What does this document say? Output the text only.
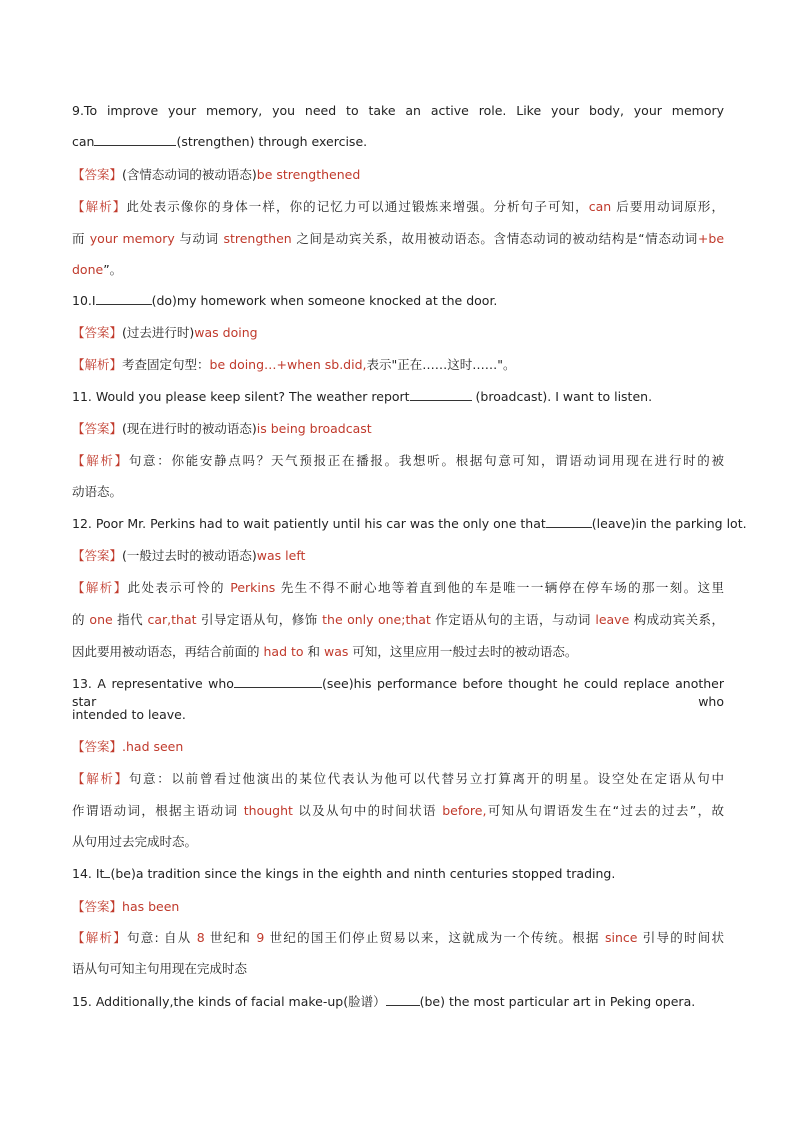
9.To improve your memory, you need to take an active role. Like your body, your memory
can	(strengthen) through exercise.
【答案】(含情态动词的被动语态)be strengthened
【解析】此处表示像你的身体一样，你的记忆力可以通过锻炼来增强。分析句子可知，can 后要用动词原形，
而 your memory 与动词 strengthen 之间是动宾关系，故用被动语态。含情态动词的被动结构是“情态动词+be
done”。
10.I	(do)my homework when someone knocked at the door.
【答案】(过去进行时)was doing
【解析】考查固定句型：be doing…+when sb.did,表示"正在……这时……"。
11. Would you please keep silent? The weather report	(broadcast). I want to listen.
【答案】(现在进行时的被动语态)is being broadcast
【解析】句意：你能安静点吗？天气预报正在播报。我想听。根据句意可知，谓语动词用现在进行时的被
动语态。
12. Poor Mr. Perkins had to wait patiently until his car was the only one that	(leave)in the parking lot.
【答案】(一般过去时的被动语态)was left
【解析】此处表示可怜的 Perkins 先生不得不耐心地等着直到他的车是唯一一辆停在停车场的那一刻。这里
的 one 指代 car,that 引导定语从句，修饰 the only one;that 作定语从句的主语，与动词 leave 构成动宾关系，
因此要用被动语态，再结合前面的 had to 和 was 可知，这里应用一般过去时的被动语态。
13. A representative who	(see)his performance before thought he could replace another star who
intended to leave.
【答案】.had seen
【解析】句意：以前曾看过他演出的某位代表认为他可以代替另立打算离开的明星。设空处在定语从句中
作谓语动词，根据主语动词 thought 以及从句中的时间状语 before,可知从句谓语发生在“过去的过去”，故
从句用过去完成时态。
14. It (be)a tradition since the kings in the eighth and ninth centuries stopped trading.
【答案】has been
【解析】句意: 自从 8 世纪和 9 世纪的国王们停止贸易以来，这就成为一个传统。根据 since 引导的时间状
语从句可知主句用现在完成时态
15. Additionally,the kinds of facial make-up(脸谱）	(be) the most particular art in Peking opera.
